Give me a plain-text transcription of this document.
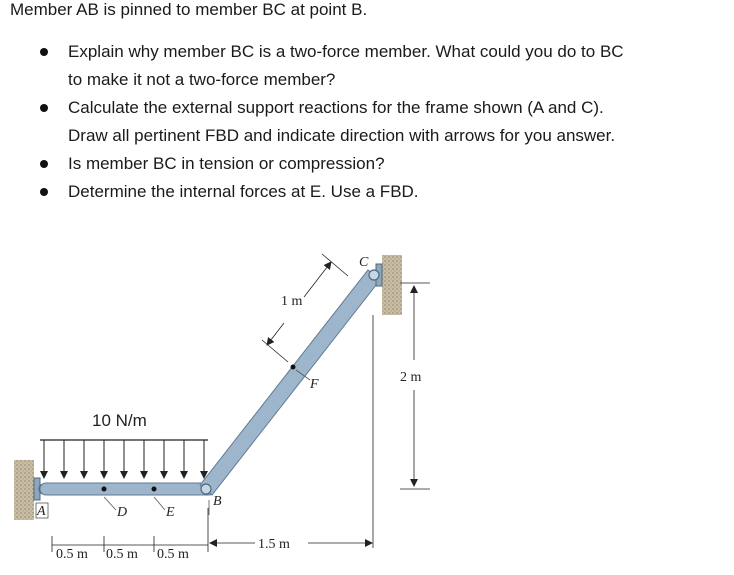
Member AB is pinned to member BC at point B.
Explain why member BC is a two-force member. What could you do to BC
to make it not a two-force member?
Calculate the external support reactions for the frame shown (A and C).
Draw all pertinent FBD and indicate direction with arrows for you answer.
Is member BC in tension or compression?
Determine the internal forces at E. Use a FBD.
10 N/m
A	D	E
B
C
F
0.5 m 0.5 m 0.5 m
1.5 m
2 m
1 m
